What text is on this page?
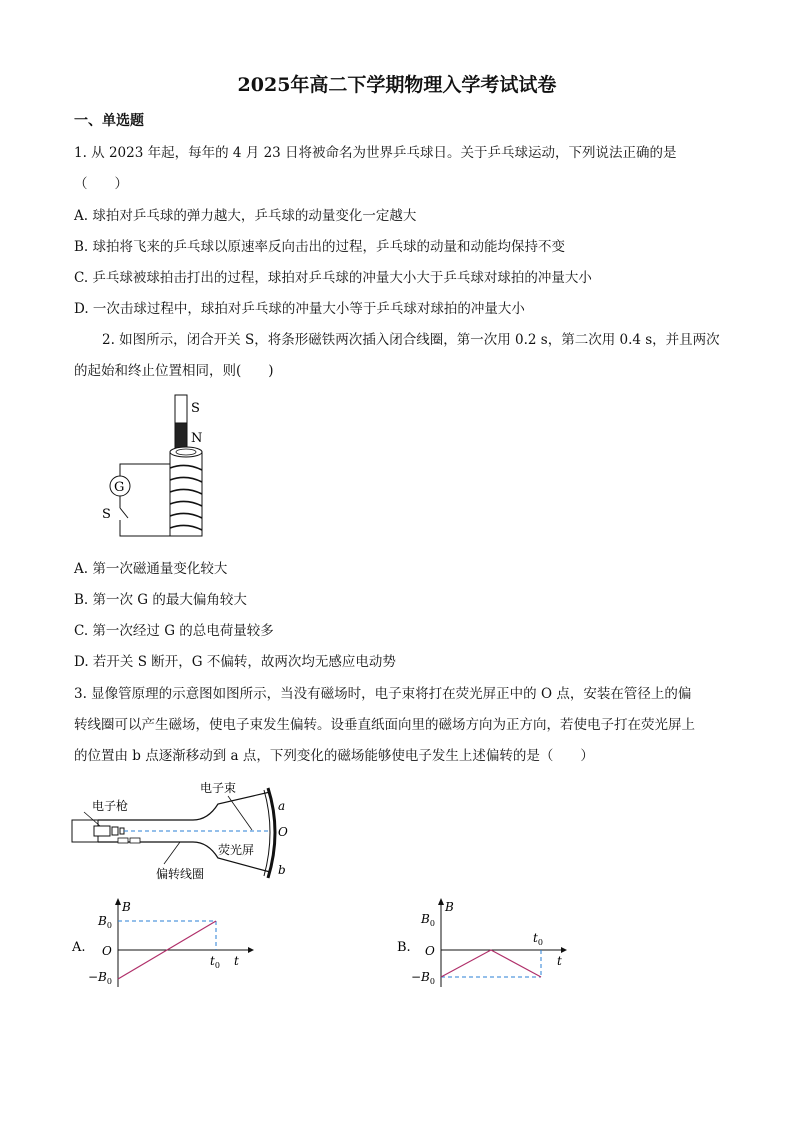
2025年高二下学期物理入学考试试卷
一、单选题
1. 从 2023 年起，每年的 4 月 23 日将被命名为世界乒乓球日。关于乒乓球运动，下列说法正确的是
（　　）
A. 球拍对乒乓球的弹力越大，乒乓球的动量变化一定越大
B. 球拍将飞来的乒乓球以原速率反向击出的过程，乒乓球的动量和动能均保持不变
C. 乒乓球被球拍击打出的过程，球拍对乒乓球的冲量大小大于乒乓球对球拍的冲量大小
D. 一次击球过程中，球拍对乒乓球的冲量大小等于乒乓球对球拍的冲量大小
2. 如图所示，闭合开关 S，将条形磁铁两次插入闭合线圈，第一次用 0.2 s，第二次用 0.4 s，并且两次
的起始和终止位置相同，则(　　)
S
N
G
S
A. 第一次磁通量变化较大
B. 第一次 G 的最大偏角较大
C. 第一次经过 G 的总电荷量较多
D. 若开关 S 断开，G 不偏转，故两次均无感应电动势
3. 显像管原理的示意图如图所示，当没有磁场时，电子束将打在荧光屏正中的 O 点，安装在管径上的偏
转线圈可以产生磁场，使电子束发生偏转。设垂直纸面向里的磁场方向为正方向，若使电子打在荧光屏上
的位置由 b 点逐渐移动到 a 点，下列变化的磁场能够使电子发生上述偏转的是（　　）
电子枪
电子束
偏转线圈
荧光屏
a
O
b
A.
B
$B_0$
O
$-B_0$
$t_0$ t
B.
B
$B_0$
O
$-B_0$
$t_0$
t
